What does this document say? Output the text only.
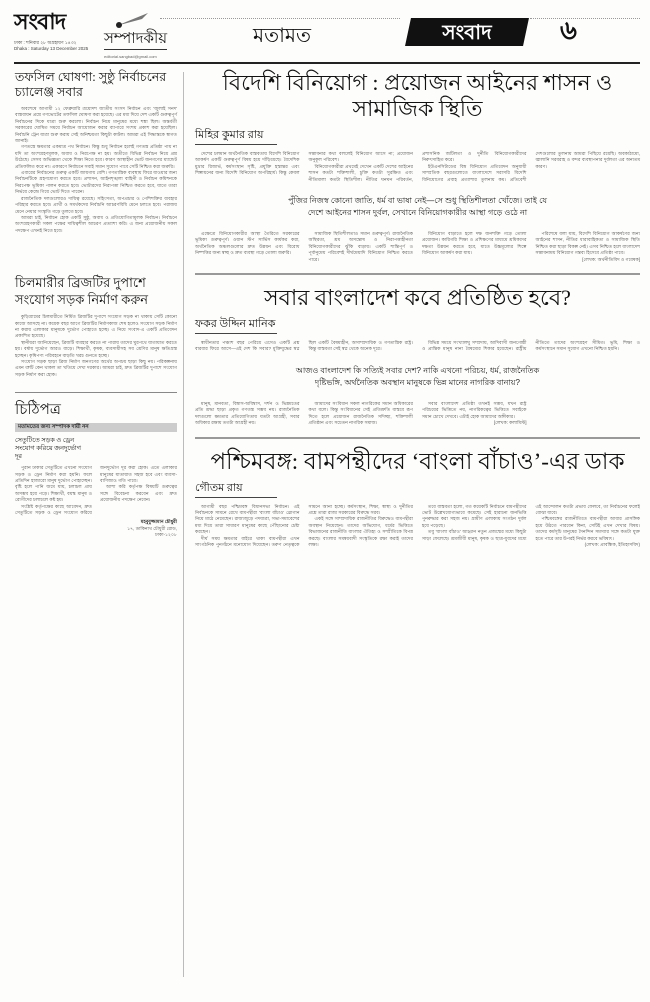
সংবাদ
ঢাকা : শনিবার ২৮ অগ্রহায়ণ ১৪৩২
Dhaka : Saturday 13 December 2025
সম্পাদকীয়
editorial.sangbad@gmail.com
মতামত	সংবাদ	৬
তফসিল ঘোষণা: সুষ্ঠু নির্বাচনের চ্যালেঞ্জ সবার

অবশেষে আগামী ১২ ফেব্রুয়ারি ত্রয়োদশ জাতীয় সংসদ নির্বাচন এবং 'জুলাই সনদ' বাস্তবায়ন প্রশ্নে গণভোটের তফসিল ঘোষণা করা হয়েছে। এর মধ্য দিয়ে দেশ একটি গুরুত্বপূর্ণ নির্বাচনের দিকে যাত্রা শুরু করলো। নির্বাচন নিয়ে মানুষের মধ্যে শঙ্কা ছিল। অন্তর্বর্তী সরকারের ঘোষিত সময়ে নির্বাচন আয়োজন করার ব্যাপারে সংশয় প্রকাশ করা হয়েছিল। নির্বাচনি ট্রেন যাত্রা শুরু করায় সেই অনিশ্চয়তা কিছুটা কাটল। আমরা এই সিদ্ধান্তকে স্বাগত জানাই।

গণতন্ত্রে ক্ষমতার একমাত্র পথ নির্বাচন। কিন্তু শুধু নির্বাচন হলেই গণতন্ত্র প্রতিষ্ঠা পায় না যদি তা অংশগ্রহণমূলক, অবাধ ও নিরপেক্ষ না হয়। অতীতে বিভিন্ন নির্বাচন নিয়ে প্রশ্ন উঠেছে। সেসব অভিজ্ঞতা থেকে শিক্ষা নিতে হবে। কারণ আস্থাহীন ভোট জনগণের ম্যান্ডেট প্রতিফলিত করে না। একারণে নির্বাচনে সবাই সমান সুযোগ পাবে সেটি নিশ্চিত করা জরুরি।

এবারের নির্বাচনের গুরুত্ব একটি জায়গায় বেশি। গণতান্ত্রিক ব্যবস্থায় ফিরে যাওয়ার জন্য নির্বাচনটিকে গ্রহণযোগ্য করতে হবে। প্রশাসন, আইনশৃঙ্খলা বাহিনী ও নির্বাচন কমিশনকে নিরপেক্ষ ভূমিকা পালন করতে হবে। ভোটারদের নিরাপত্তা নিশ্চিত করতে হবে, যাতে তারা নির্ভয়ে কেন্দ্রে গিয়ে ভোট দিতে পারেন।

রাজনৈতিক দলগুলোরও দায়িত্ব রয়েছে। সহিংসতা, অপপ্রচার ও পেশিশক্তির ব্যবহার পরিহার করতে হবে। প্রার্থী ও সমর্থকদের নির্বাচনি আচরণবিধি মেনে চলতে হবে। পরাজয় মেনে নেয়ার সংস্কৃতি গড়ে তুলতে হবে।

আমরা চাই, নির্বাচন হোক একটি সুষ্ঠু, অবাধ ও প্রতিযোগিতামূলক নির্বাচন। নির্বাচনে অংশগ্রহণকারী সকল পক্ষের দায়িত্বশীল আচরণ প্রত্যাশা করি। এ জন্য প্রয়োজনীয় সকল পদক্ষেপ এখনই নিতে হবে।

চিলমারীর ব্রিজটির দুপাশে সংযোগ সড়ক নির্মাণ করুন

কুড়িগ্রামের চিলমারীতে নির্মিত ব্রিজটির দুপাশে সংযোগ সড়ক না থাকায় সেটি কোনো কাজে আসছে না। কয়েক বছর আগে ব্রিজটির নির্মাণকাজ শেষ হলেও সংযোগ সড়ক নির্মাণ না করায় এলাকার মানুষকে দুর্ভোগ পোহাতে হচ্ছে। এ নিয়ে সংবাদ-এ একটি প্রতিবেদন প্রকাশিত হয়েছে।

স্থানীয়রা জানিয়েছেন, ব্রিজটি ব্যবহার করতে না পারায় তাদের ঘুরপথে যাতায়াত করতে হয়। বর্ষায় দুর্ভোগ আরও বাড়ে। শিক্ষার্থী, কৃষক, ব্যবসায়ীসহ সব শ্রেণির মানুষ ক্ষতিগ্রস্ত হচ্ছেন। কৃষিপণ্য পরিবহনে বাড়তি খরচ গুনতে হচ্ছে।

সংযোগ সড়ক ছাড়া ব্রিজ নির্মাণ জনগণের অর্থের অপচয় ছাড়া কিছু নয়। পরিকল্পনায় এমন ত্রুটি কেন থাকল তা খতিয়ে দেখা দরকার। আমরা চাই, দ্রুত ব্রিজটির দুপাশে সংযোগ সড়ক নির্মাণ করা হোক।

চিঠিপত্র
মতামতের জন্য সম্পাদক দায়ী নন
সেতুটিতে সড়ক ও ড্রেন সংযোগ করিয়ে জনদুর্ভোগ দূর

পুরান ঢাকার সেতুটিতে এখনো সংযোগ সড়ক ও ড্রেন নির্মাণ করা হয়নি। ফলে প্রতিদিন হাজারো মানুষ দুর্ভোগ পোহাচ্ছেন। বৃষ্টি হলে পানি জমে যায়, চলাচল প্রায় অসম্ভব হয়ে পড়ে। শিক্ষার্থী, বয়স্ক মানুষ ও রোগীদের চলাচলে কষ্ট হয়।

সংশ্লিষ্ট কর্তৃপক্ষের কাছে আবেদন, দ্রুত সেতুটিতে সড়ক ও ড্রেন সংযোগ করিয়ে জনদুর্ভোগ দূর করা হোক। এতে এলাকার মানুষের যাতায়াত সহজ হবে এবং ব্যবসা-বাণিজ্যও গতি পাবে।

আশা করি কর্তৃপক্ষ বিষয়টি গুরুত্বের সঙ্গে বিবেচনা করবেন এবং দ্রুত প্রয়োজনীয় পদক্ষেপ নেবেন।

মহবুবুজ্জামান চৌধুরী
১৭, ডাকিনাথ চৌধুরী রোড,
ঢাকা-১২০৮
বিদেশি বিনিয়োগ : প্রয়োজন আইনের শাসন ও সামাজিক স্থিতি
মিহির কুমার রায়

দেশের চলমান অর্থনৈতিক বাস্তবতায় বিদেশি বিনিয়োগ আকর্ষণ একটি গুরুত্বপূর্ণ বিষয় হয়ে দাঁড়িয়েছে। বৈদেশিক মুদ্রার রিজার্ভ, কর্মসংস্থান সৃষ্টি, প্রযুক্তি হস্তান্তর এবং শিল্পায়নের জন্য বিদেশি বিনিয়োগ অপরিহার্য। কিন্তু কেবল সম্ভাবনার কথা বললেই বিনিয়োগ আসে না; প্রয়োজন অনুকূল পরিবেশ।

বিনিয়োগকারীরা প্রথমেই দেখেন একটি দেশের আইনের শাসন কতটা শক্তিশালী, চুক্তি কতটা সুরক্ষিত এবং নীতিমালা কতটা স্থিতিশীল। নীতির ঘনঘন পরিবর্তন, প্রশাসনিক জটিলতা ও দুর্নীতি বিনিয়োগকারীদের নিরুৎসাহিত করে।

ইউএনসিটাডের বিশ্ব বিনিয়োগ প্রতিবেদন অনুযায়ী সাম্প্রতিক বছরগুলোতে বাংলাদেশে সরাসরি বিদেশি বিনিয়োগের প্রবাহ প্রত্যাশার তুলনায় কম। প্রতিবেশী দেশগুলোর তুলনায় আমরা পিছিয়ে রয়েছি। অবকাঠামো, জ্বালানি সরবরাহ ও বন্দর ব্যবস্থাপনার দুর্বলতা এর অন্যতম কারণ।

পুঁজির নিজস্ব কোনো জাতি, ধর্ম বা ভাষা নেই—সে শুধু স্থিতিশীলতা খোঁজে। তাই যে দেশে আইনের শাসন দুর্বল, সেখানে বিনিয়োগকারীর আস্থা গড়ে ওঠে না

এক্ষেত্রে বিনিয়োগকারীর আস্থা তৈরিতে সরকারের ভূমিকা গুরুত্বপূর্ণ। ওয়ান স্টপ সার্ভিস কার্যকর করা, অর্থনৈতিক অঞ্চলগুলোর দ্রুত উন্নয়ন এবং বিরোধ নিষ্পত্তির জন্য স্বচ্ছ ও দ্রুত ব্যবস্থা গড়ে তোলা জরুরি।

সামাজিক স্থিতিশীলতাও সমান গুরুত্বপূর্ণ। রাজনৈতিক অস্থিরতা, শ্রম অসন্তোষ ও নিরাপত্তাহীনতা বিনিয়োগকারীদের ঝুঁকি বাড়ায়। একটি শান্তিপূর্ণ ও পূর্বানুমেয় পরিবেশই দীর্ঘমেয়াদি বিনিয়োগ নিশ্চিত করতে পারে।

বিনিয়োগ বাড়াতে হলে দক্ষ জনশক্তি গড়ে তোলা প্রয়োজন। কারিগরি শিক্ষা ও প্রশিক্ষণের মাধ্যমে শ্রমিকদের দক্ষতা উন্নয়ন করতে হবে, যাতে উচ্চমূল্যের শিল্পে বিনিয়োগ আকর্ষণ করা যায়।

পরিশেষে বলা যায়, বিদেশি বিনিয়োগ আকর্ষণের জন্য আইনের শাসন, নীতির ধারাবাহিকতা ও সামাজিক স্থিতি নিশ্চিত করা ছাড়া বিকল্প নেই। এসব নিশ্চিত হলে বাংলাদেশ সম্ভাবনাময় বিনিয়োগ গন্তব্য হিসেবে প্রতিষ্ঠা পাবে।

[লেখক: অর্থনীতিবিদ ও গবেষক]

সবার বাংলাদেশ কবে প্রতিষ্ঠিত হবে?
ফকর উদ্দিন মানিক

স্বাধীনতার পঞ্চাশ বছর পেরিয়ে এসেও একটি প্রশ্ন বারবার ফিরে আসে—এই দেশ কি সবার? মুক্তিযুদ্ধের স্বপ্ন ছিল একটি বৈষম্যহীন, অসাম্প্রদায়িক ও গণতান্ত্রিক রাষ্ট্র। কিন্তু বাস্তবতা সেই স্বপ্ন থেকে অনেক দূরে।

বিভিন্ন সময়ে সংখ্যালঘু সম্প্রদায়, আদিবাসী জনগোষ্ঠী ও প্রান্তিক মানুষ নানা বৈষম্যের শিকার হয়েছেন। রাষ্ট্রীয় নীতিতে তাদের অংশগ্রহণ সীমিত। ভূমি, শিক্ষা ও কর্মসংস্থানে সমান সুযোগ এখনো নিশ্চিত হয়নি।

আজও বাংলাদেশ কি সত্যিই সবার দেশ? নাকি এখনো পরিচয়, ধর্ম, রাজনৈতিক দৃষ্টিভঙ্গি, অর্থনৈতিক অবস্থান মানুষকে ভিন্ন মানের নাগরিক বানায়?

মানুষ, মানবতা, বিশ্বাস-অবিশ্বাস, দর্শন ও ভিন্নমতের প্রতি শ্রদ্ধা ছাড়া প্রকৃত গণতন্ত্র সম্ভব নয়। রাজনৈতিক দলগুলো ক্ষমতার প্রতিযোগিতায় যতটা আগ্রহী, সবার অধিকার রক্ষায় ততটা আগ্রহী নয়।

আমাদের সংবিধান সকল নাগরিকের সমান অধিকারের কথা বলে। কিন্তু সংবিধানের সেই প্রতিশ্রুতি বাস্তবে রূপ দিতে হলে প্রয়োজন রাজনৈতিক সদিচ্ছা, শক্তিশালী প্রতিষ্ঠান এবং সচেতন নাগরিক সমাজ।

সবার বাংলাদেশ প্রতিষ্ঠা তখনই সম্ভব, যখন রাষ্ট্র পরিচয়ের ভিত্তিতে নয়, নাগরিকত্বের ভিত্তিতে সবাইকে সমান চোখে দেখবে। এটাই হোক আমাদের অঙ্গীকার।

[লেখক: কলামিস্ট]

পশ্চিমবঙ্গ: বামপন্থীদের ‘বাংলা বাঁচাও’-এর ডাক
গৌতম রায়

আগামী বছর পশ্চিমবঙ্গ বিধানসভা নির্বাচন। এই নির্বাচনকে সামনে রেখে বামপন্থীরা 'বাংলা বাঁচাও' স্লোগান নিয়ে মাঠে নেমেছেন। রাজ্যজুড়ে পদযাত্রা, সভা-সমাবেশের মধ্য দিয়ে তারা সাধারণ মানুষের কাছে পৌঁছানোর চেষ্টা করছেন।

দীর্ঘ সময় ক্ষমতার বাইরে থাকা বামপন্থীরা এখন সাংগঠনিক পুনর্গঠনে মনোযোগ দিয়েছেন। তরুণ নেতৃত্বকে সামনে আনা হচ্ছে। কর্মসংস্থান, শিক্ষা, স্বাস্থ্য ও দুর্নীতির প্রশ্নে তারা রাজ্য সরকারের বিরুদ্ধে সরব।

একই সঙ্গে সাম্প্রদায়িক রাজনীতির বিরুদ্ধেও বামপন্থীরা অবস্থান নিয়েছেন। তাদের অভিযোগ, ধর্মের ভিত্তিতে বিভাজনের রাজনীতি বাংলার ঐতিহ্য ও সম্প্রীতিকে বিপন্ন করছে। বাংলার সমন্বয়বাদী সংস্কৃতিকে রক্ষা করাই তাদের লক্ষ্য।

তবে বাস্তবতা হলো, গত কয়েকটি নির্বাচনে বামপন্থীদের ভোট উল্লেখযোগ্যভাবে কমেছে। সেই হারানো জনভিত্তি পুনরুদ্ধার করা সহজ নয়। গ্রামীণ এলাকায় সংগঠন দুর্বল হয়ে পড়েছে।

তবু 'বাংলা বাঁচাও' আহ্বান নতুন প্রজন্মের মধ্যে কিছুটা সাড়া ফেলেছে। শ্রমজীবী মানুষ, কৃষক ও ছাত্র-যুবদের মধ্যে এই আন্দোলন কতটা প্রভাব ফেলবে, তা নির্বাচনের ফলেই বোঝা যাবে।

পশ্চিমবঙ্গের রাজনীতিতে বামপন্থীরা আবার প্রাসঙ্গিক হয়ে উঠতে পারবেন কিনা, সেটিই এখন দেখার বিষয়। তাদের কর্মসূচি মানুষের দৈনন্দিন সমস্যার সঙ্গে কতটা যুক্ত হতে পারে তার উপরই নির্ভর করবে ভবিষ্যৎ।

(লেখক: প্রাবন্ধিক, ইতিহাসবিদ)
